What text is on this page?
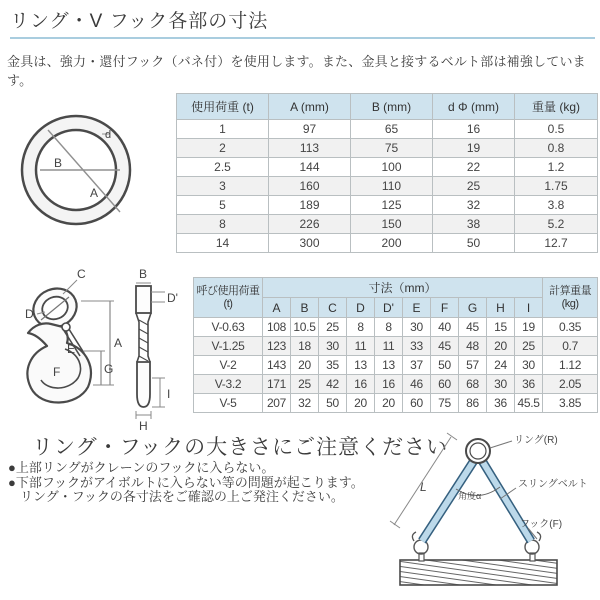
リング・V フック各部の寸法
金具は、強力・還付フック（バネ付）を使用します。また、金具と接するベルト部は補強しています。
B
A
d
使用荷重 (t)	A (mm)	B (mm)	d Φ (mm)	重量 (kg)
1	97	65	16	0.5
2	113	75	19	0.8
2.5	144	100	22	1.2
3	160	110	25	1.75
5	189	125	32	3.8
8	226	150	38	5.2
14	300	200	50	12.7
C
D
E
F
A
G
B
D'
I
H
呼び使用荷重
(t)	寸法（mm）										計算重量
(kg)
	A	B	C	D	D'	E	F	G	H	I	
V-0.63	108	10.5	25	8	8	30	40	45	15	19	0.35
V-1.25	123	18	30	11	11	33	45	48	20	25	0.7
V-2	143	20	35	13	13	37	50	57	24	30	1.12
V-3.2	171	25	42	16	16	46	60	68	30	36	2.05
V-5	207	32	50	20	20	60	75	86	36	45.5	3.85
リング・フックの大きさにご注意ください
●上部リングがクレーンのフックに入らない。
●下部フックがアイボルトに入らない等の問題が起こります。
リング・フックの各寸法をご確認の上ご発注ください。
リング(R)
スリングベルト
角度α
フック(F)
L
